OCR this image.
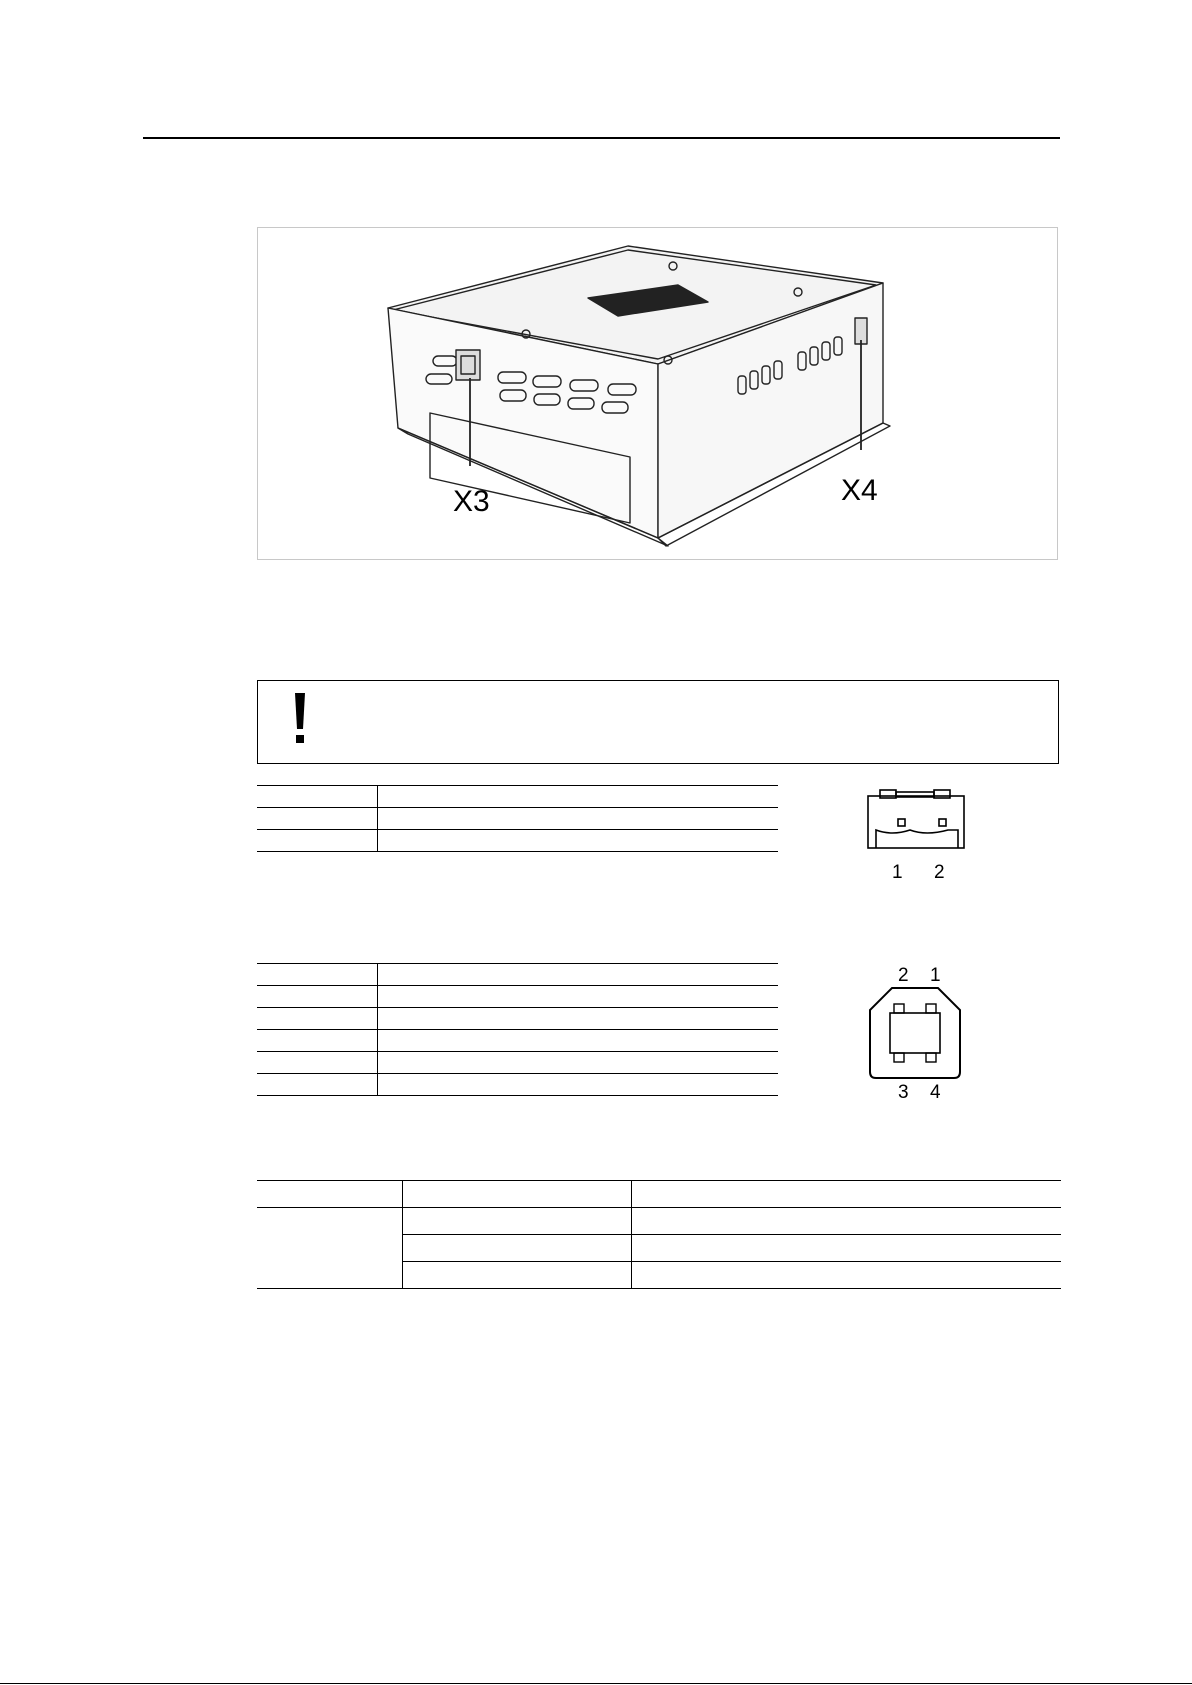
X3	X4

1 2

2 1
3 4
